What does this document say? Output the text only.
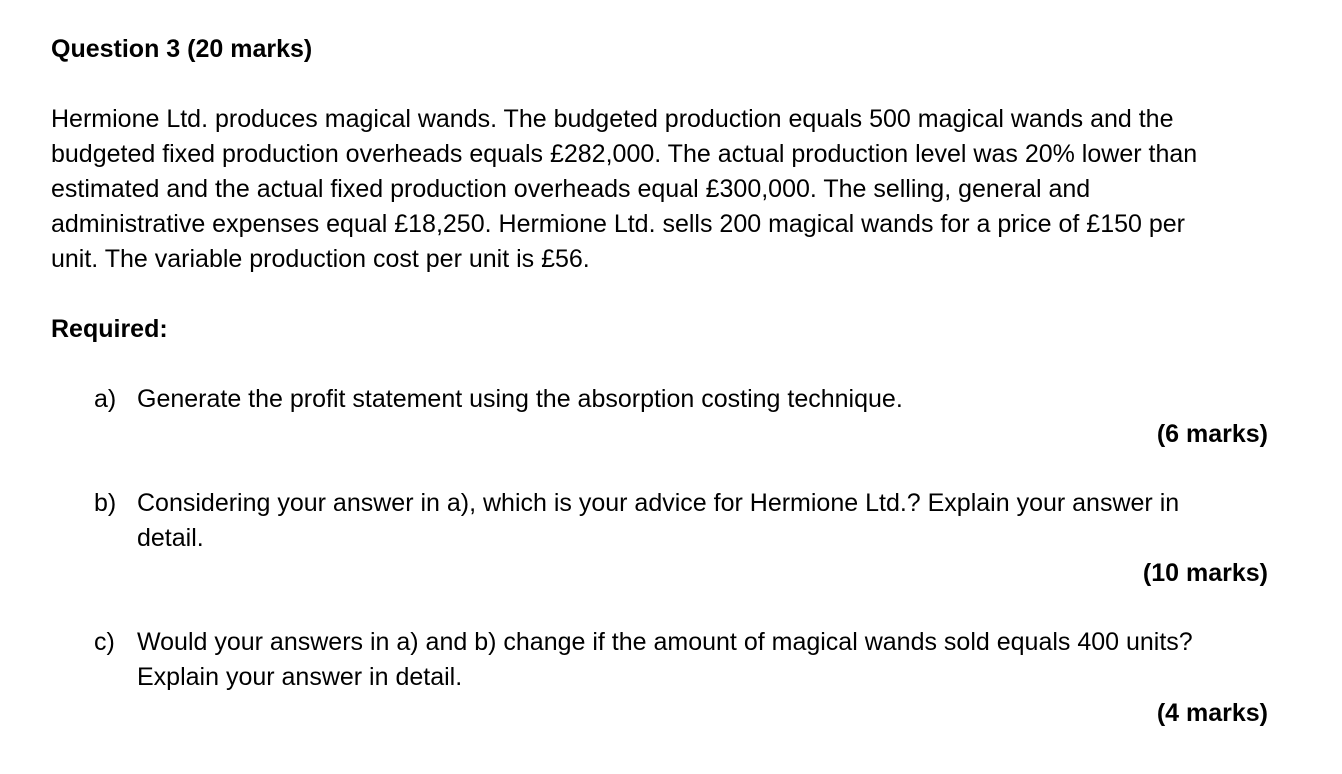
Question 3 (20 marks)
Hermione Ltd. produces magical wands. The budgeted production equals 500 magical wands and the
budgeted fixed production overheads equals £282,000. The actual production level was 20% lower than
estimated and the actual fixed production overheads equal £300,000. The selling, general and
administrative expenses equal £18,250. Hermione Ltd. sells 200 magical wands for a price of £150 per
unit. The variable production cost per unit is £56.
Required:
a) Generate the profit statement using the absorption costing technique.
(6 marks)
b) Considering your answer in a), which is your advice for Hermione Ltd.? Explain your answer in
detail.
(10 marks)
c) Would your answers in a) and b) change if the amount of magical wands sold equals 400 units?
Explain your answer in detail.
(4 marks)
